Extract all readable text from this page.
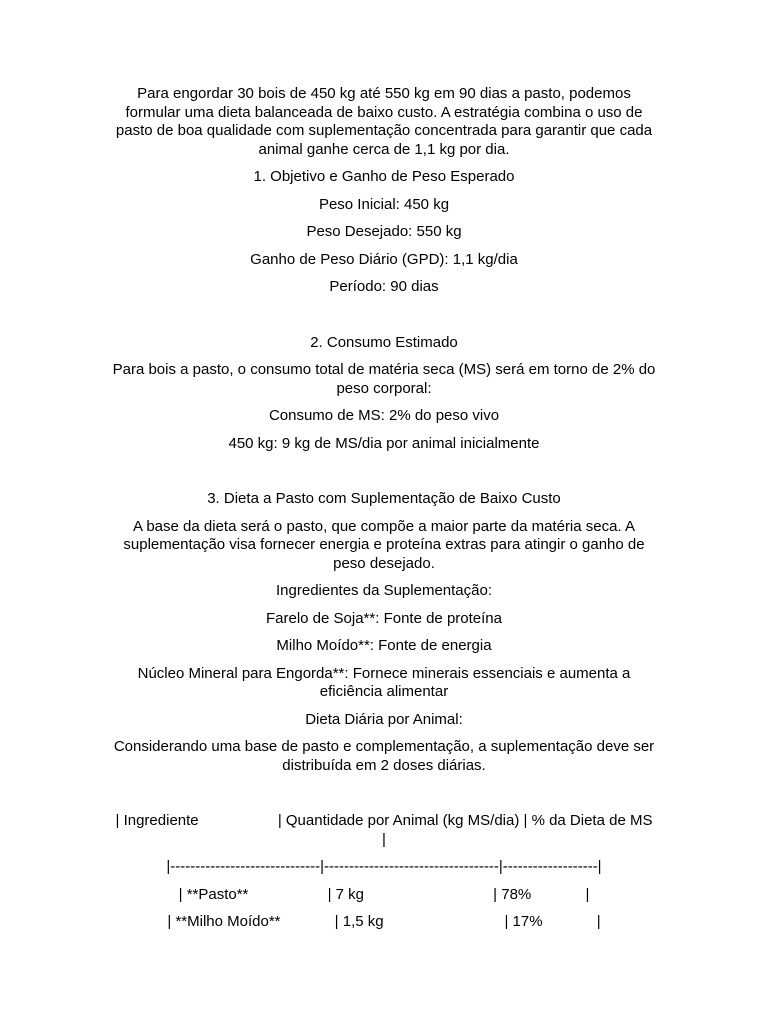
Para engordar 30 bois de 450 kg até 550 kg em 90 dias a pasto, podemos formular uma dieta balanceada de baixo custo. A estratégia combina o uso de pasto de boa qualidade com suplementação concentrada para garantir que cada animal ganhe cerca de 1,1 kg por dia.

1. Objetivo e Ganho de Peso Esperado

Peso Inicial: 450 kg

Peso Desejado: 550 kg

Ganho de Peso Diário (GPD): 1,1 kg/dia

Período: 90 dias

2. Consumo Estimado

Para bois a pasto, o consumo total de matéria seca (MS) será em torno de 2% do peso corporal:

Consumo de MS: 2% do peso vivo

450 kg: 9 kg de MS/dia por animal inicialmente

3. Dieta a Pasto com Suplementação de Baixo Custo

A base da dieta será o pasto, que compõe a maior parte da matéria seca. A suplementação visa fornecer energia e proteína extras para atingir o ganho de peso desejado.

Ingredientes da Suplementação:

Farelo de Soja**: Fonte de proteína

Milho Moído**: Fonte de energia

Núcleo Mineral para Engorda**: Fornece minerais essenciais e aumenta a eficiência alimentar

Dieta Diária por Animal:

Considerando uma base de pasto e complementação, a suplementação deve ser distribuída em 2 doses diárias.

| Ingrediente                   | Quantidade por Animal (kg MS/dia) | % da Dieta de MS |

|------------------------------|-----------------------------------|-------------------|

| **Pasto**                   | 7 kg                               | 78%             |

| **Milho Moído**             | 1,5 kg                             | 17%             |
